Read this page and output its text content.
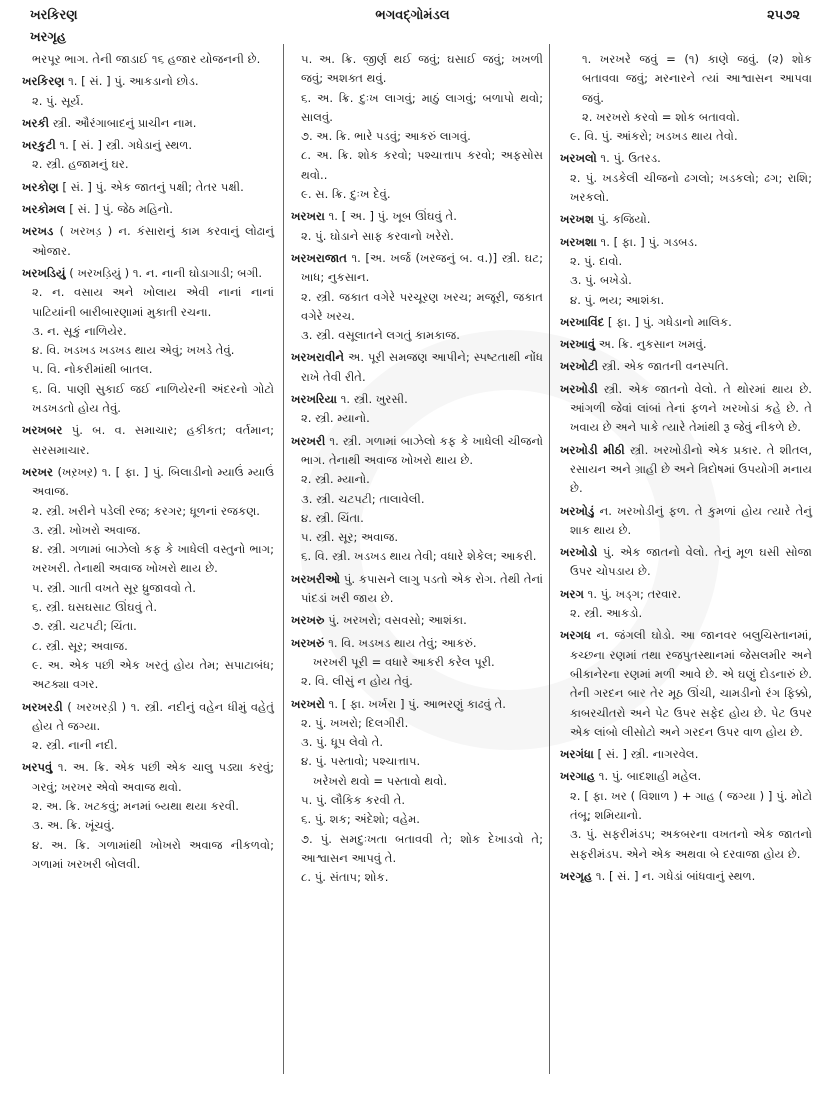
ખરકિરણ
ખરગૃહ
ભગવદ્ગોમંડલ	૨૫૭૨
ભરપૂર ભાગ. તેની જાડાઈ ૧૬ હજાર યોજનની છે.
ખરકિરણ ૧. [ સં. ] પું. આકડાનો છોડ.
૨. પું. સૂર્ય.
ખરકી સ્ત્રી. ઔરંગાબાદનું પ્રાચીન નામ.
ખરકુટી ૧. [ સં. ] સ્ત્રી. ગધેડાનું સ્થળ.
૨. સ્ત્રી. હજામનું ઘર.
ખરકોણ [ સં. ] પું. એક જાતનું પક્ષી; તેતર પક્ષી.
ખરકોમલ [ સં. ] પું. જેઠ મહિનો.
ખરખડ ( ખરખડ઼ ) ન. કંસારાનું કામ કરવાનું લોઢાનું ઓજાર.
ખરખડિયું ( ખરખડ઼િયું ) ૧. ન. નાની ઘોડાગાડી; બગી.
૨. ન. વસાય અને ખોલાય એવી નાનાં નાનાં પાટિયાંની બારીબારણામાં મુકાતી રચના.
૩. ન. સૂકું નાળિયેર.
૪. વિ. ખડખડ ખડખડ થાય એવું; ખખડે તેવું.
૫. વિ. નોકરીમાંથી બાતલ.
૬. વિ. પાણી સુકાઈ જઈ નાળિયેરની અંદરનો ગોટો ખડખડતો હોય તેવું.
ખરખબર પું. બ. વ. સમાચાર; હકીકત; વર્તમાન; સરસમાચાર.
ખરખર (ખર઼ખર઼) ૧. [ ફા. ] પું. બિલાડીનો મ્યાઉં મ્યાઉં અવાજ.
૨. સ્ત્રી. ખરીને પડેલી રજ; કરગર; ધૂળનાં રજકણ.
૩. સ્ત્રી. ખોખરો અવાજ.
૪. સ્ત્રી. ગળામાં બાઝેલો કફ કે ખાધેલી વસ્તુનો ભાગ; ખરખરી. તેનાથી અવાજ ખોખરો થાય છે.
૫. સ્ત્રી. ગાતી વખતે સૂર ધ્રુજાવવો તે.
૬. સ્ત્રી. ઘસઘસાટ ઊંઘવું તે.
૭. સ્ત્રી. ચટપટી; ચિંતા.
૮. સ્ત્રી. સૂર; અવાજ.
૯. અ. એક પછી એક ખરતું હોય તેમ; સપાટાબંધ; અટક્યા વગર.
ખરખરડી ( ખરખરડ઼ી ) ૧. સ્ત્રી. નદીનું વહેન ધીમું વહેતું હોય તે જગ્યા.
૨. સ્ત્રી. નાની નદી.
ખરપવું ૧. અ. ક્રિ. એક પછી એક ચાલુ પડ્યા કરવું; ગરવું; ખરખર એવો અવાજ થવો.
૨. અ. ક્રિ. ખટકવું; મનમાં બ્યથા થયા કરવી.
૩. અ. ક્રિ. ખૂંચવું.
૪. અ. ક્રિ. ગળામાંથી ખોખરો અવાજ નીકળવો; ગળામાં ખરખરી બોલવી.
૫. અ. ક્રિ. જીર્ણ થઈ જવું; ઘસાઈ જવું; ખખળી જવું; અશક્ત થવું.
૬. અ. ક્રિ. દુઃખ લાગવું; માઠું લાગવું; બળાપો થવો; સાલવું.
૭. અ. ક્રિ. ભારે પડવું; આકરું લાગવું.
૮. અ. ક્રિ. શોક કરવો; પશ્ચાત્તાપ કરવો; અફસોસ થવો..
૯. સ. ક્રિ. દુઃખ દેવું.
ખરખરા ૧. [ અ. ] પું. ખૂબ ઊંઘવું તે.
૨. પું. ઘોડાને સાફ કરવાનો ખરેરો.
ખરખરાજાત ૧. [અ. ખર્જ (ખરજનું બ. વ.)] સ્ત્રી. ઘટ; ખાધ; નુકસાન.
૨. સ્ત્રી. જકાત વગેરે પરચૂરણ ખરચ; મજૂરી, જકાત વગેરે ખરચ.
૩. સ્ત્રી. વસૂલાતને લગતું કામકાજ.
ખરખરાવીને અ. પૂરી સમજણ આપીને; સ્પષ્ટતાથી નોંધ રાખે તેવી રીતે.
ખરખરિયા ૧. સ્ત્રી. ખુરસી.
૨. સ્ત્રી. મ્યાનો.
ખરખરી ૧. સ્ત્રી. ગળામાં બાઝેલો કફ કે ખાધેલી ચીજનો ભાગ. તેનાથી અવાજ ખોખરો થાય છે.
૨. સ્ત્રી. મ્યાનો.
૩. સ્ત્રી. ચટપટી; તાલાવેલી.
૪. સ્ત્રી. ચિંતા.
૫. સ્ત્રી. સૂર; અવાજ.
૬. વિ. સ્ત્રી. ખડખડ થાય તેવી; વધારે શેકેલ; આકરી.
ખરખરીઓ પું. કપાસને લાગુ પડતો એક રોગ. તેથી તેનાં પાંદડાં ખરી જાય છે.
ખરખરુ પું. ખરખરો; વસવસો; આશંકા.
ખરખરું ૧. વિ. ખડખડ થાય તેવું; આકરું.
ખરખરી પૂરી = વધારે આકરી કરેલ પૂરી.
૨. વિ. લીસું ન હોય તેવું.
ખરખરો ૧. [ ફા. ખર્ખરા ] પું. આભરણું કાઢવું તે.
૨. પું. ખખરો; દિલગીરી.
૩. પું. ધૂપ લેવો તે.
૪. પું. પસ્તાવો; પશ્ચાત્તાપ.
ખરેખરો થવો = પસ્તાવો થવો.
૫. પું. લૌકિક કરવી તે.
૬. પું. શક; અંદેશો; વહેમ.
૭. પું. સમદુઃખતા બતાવવી તે; શોક દેખાડવો તે; આશ્વાસન આપવું તે.
૮. પું. સંતાપ; શોક.
૧. ખરખરે જવું = (૧) કાણે જવું. (૨) શોક બતાવવા જવું; મરનારને ત્યાં આશ્વાસન આપવા જવું.
૨. ખરખરો કરવો = શોક બતાવવો.
૯. વિ. પું. આંકરો; ખડખડ થાય તેવો.
ખરખલો ૧. પું. ઉતરડ.
૨. પું. ખડકેલી ચીજનો ઢગલો; ખડકલો; ઢગ; રાશિ; ખરકલો.
ખરખશ પું. કજિયો.
ખરખશા ૧. [ ફા. ] પું. ગડબડ.
૨. પું. દાવો.
૩. પું. બખેડો.
૪. પું. ભય; આશંકા.
ખરખાવિંદ [ ફા. ] પું. ગધેડાનો માલિક.
ખરખાવું અ. ક્રિ. નુકસાન ખમવું.
ખરખોટી સ્ત્રી. એક જાતની વનસ્પતિ.
ખરખોડી સ્ત્રી. એક જાતનો વેલો. તે થોરમાં થાય છે. આંગળી જેવાં લાંબાં તેનાં ફળને ખરખોડાં કહે છે. તે ખવાય છે અને પાકે ત્યારે તેમાંથી રૂ જેવું નીકળે છે.
ખરખોડી મીઠી સ્ત્રી. ખરખોડીનો એક પ્રકાર. તે શીતલ, રસાયન અને ગ્રાહી છે અને ત્રિદોષમાં ઉપયોગી મનાય છે.
ખરખોડું ન. ખરખોડીનું ફળ. તે કુમળાં હોય ત્યારે તેનું શાક થાય છે.
ખરખોડો પું. એક જાતનો વેલો. તેનું મૂળ ઘસી સોજા ઉપર ચોપડાય છે.
ખરગ ૧. પું. ખડ્ગ; તરવાર.
૨. સ્ત્રી. આકડો.
ખરગધ ન. જંગલી ઘોડો. આ જાનવર બલુચિસ્તાનમાં, કચ્છના રણમાં તથા રજપુતસ્થાનમાં જેસલમીર અને બીકાનેરના રણમાં મળી આવે છે. એ ઘણું દોડનારું છે. તેની ગરદન બાર તેર મૂઠ ઊંચી, ચામડીનો રંગ ફિક્કો, કાબરચીતરો અને પેટ ઉપર સફેદ હોય છે. પેટ ઉપર એક લાંબો લીસોટો અને ગરદન ઉપર વાળ હોય છે.
ખરગંધા [ સં. ] સ્ત્રી. નાગરવેલ.
ખરગાહ ૧. પું. બાદશાહી મહેલ.
૨. [ ફા. ખર ( વિશાળ ) + ગાહ ( જગ્યા ) ] પું. મોટો તંબૂ; શમિયાનો.
૩. પું. સફરીમંડપ; અકબરના વખતનો એક જાતનો સફરીમંડપ. એને એક અથવા બે દરવાજા હોય છે.
ખરગૃહ ૧. [ સં. ] ન. ગધેડાં બાંધવાનું સ્થળ.
